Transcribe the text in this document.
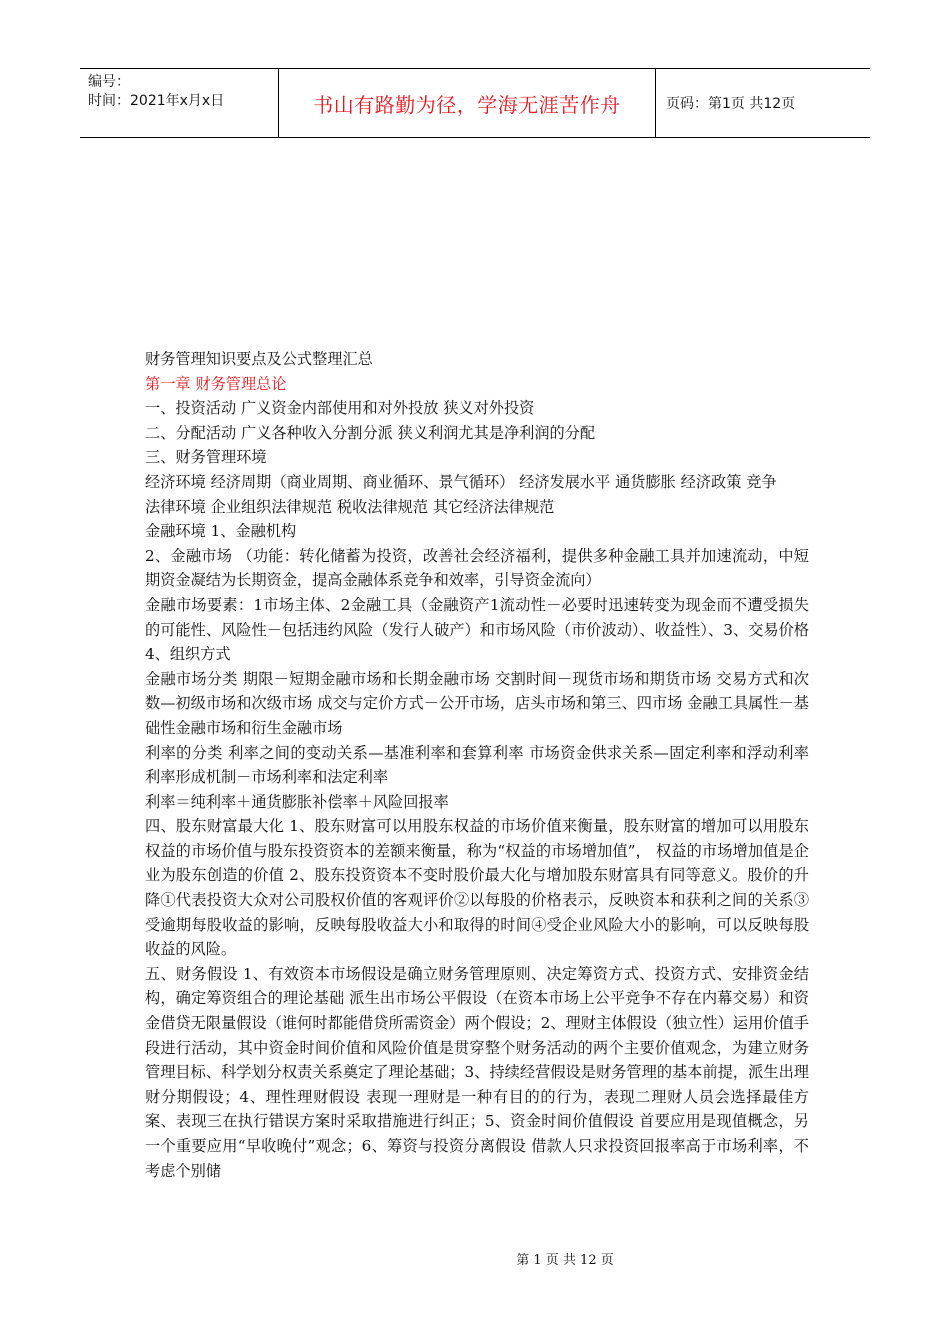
编号：
时间：2021年x月x日	书山有路勤为径，学海无涯苦作舟	页码：第1页 共12页

财务管理知识要点及公式整理汇总

第一章 财务管理总论

一、投资活动 广义资金内部使用和对外投放 狭义对外投资

二、分配活动 广义各种收入分割分派 狭义利润尤其是净利润的分配

三、财务管理环境

经济环境 经济周期（商业周期、商业循环、景气循环） 经济发展水平 通货膨胀 经济政策 竞争

法律环境 企业组织法律规范 税收法律规范 其它经济法律规范

金融环境 1、金融机构

2、金融市场 （功能：转化储蓄为投资，改善社会经济福利，提供多种金融工具并加速流动，中短期资金凝结为长期资金，提高金融体系竞争和效率，引导资金流向）

金融市场要素：1市场主体、2金融工具（金融资产1流动性－必要时迅速转变为现金而不遭受损失的可能性、风险性－包括违约风险（发行人破产）和市场风险（市价波动）、收益性）、3、交易价格4、组织方式

金融市场分类 期限－短期金融市场和长期金融市场 交割时间－现货市场和期货市场 交易方式和次数—初级市场和次级市场 成交与定价方式－公开市场，店头市场和第三、四市场 金融工具属性－基础性金融市场和衍生金融市场

利率的分类 利率之间的变动关系—基准利率和套算利率 市场资金供求关系—固定利率和浮动利率 利率形成机制－市场利率和法定利率

利率＝纯利率＋通货膨胀补偿率＋风险回报率

四、股东财富最大化 1、股东财富可以用股东权益的市场价值来衡量，股东财富的增加可以用股东权益的市场价值与股东投资资本的差额来衡量，称为“权益的市场增加值”， 权益的市场增加值是企业为股东创造的价值 2、股东投资资本不变时股价最大化与增加股东财富具有同等意义。股价的升降①代表投资大众对公司股权价值的客观评价②以每股的价格表示，反映资本和获利之间的关系③受逾期每股收益的影响，反映每股收益大小和取得的时间④受企业风险大小的影响，可以反映每股收益的风险。

五、财务假设 1、有效资本市场假设是确立财务管理原则、决定筹资方式、投资方式、安排资金结构，确定筹资组合的理论基础 派生出市场公平假设（在资本市场上公平竞争不存在内幕交易）和资金借贷无限量假设（谁何时都能借贷所需资金）两个假设；2、理财主体假设（独立性）运用价值手段进行活动，其中资金时间价值和风险价值是贯穿整个财务活动的两个主要价值观念，为建立财务管理目标、科学划分权责关系奠定了理论基础；3、持续经营假设是财务管理的基本前提，派生出理财分期假设；4、理性理财假设 表现一理财是一种有目的的行为，表现二理财人员会选择最佳方案、表现三在执行错误方案时采取措施进行纠正；5、资金时间价值假设 首要应用是现值概念，另一个重要应用“早收晚付”观念；6、筹资与投资分离假设 借款人只求投资回报率高于市场利率，不考虑个别储

第 1 页 共 12 页
